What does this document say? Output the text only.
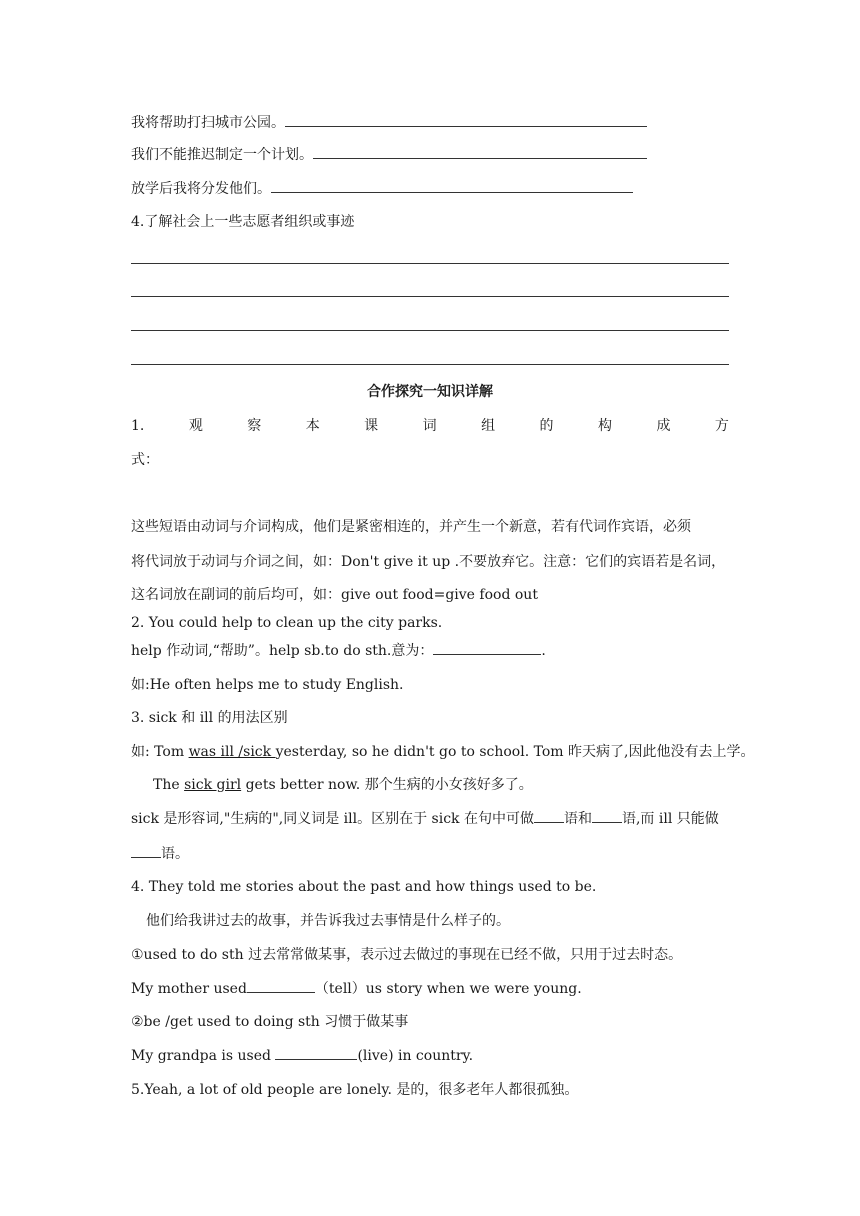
我将帮助打扫城市公园。
我们不能推迟制定一个计划。
放学后我将分发他们。
4.了解社会上一些志愿者组织或事迹
合作探究一知识详解
1.	观	察	本	课	词	组	的	构	成	方
式：
这些短语由动词与介词构成，他们是紧密相连的，并产生一个新意，若有代词作宾语，必须
将代词放于动词与介词之间，如：Don't give it up .不要放弃它。注意：它们的宾语若是名词，
这名词放在副词的前后均可，如：give out food=give food out
2. You could help to clean up the city parks.
help 作动词,“帮助”。help sb.to do sth.意为：	.
如:He often helps me to study English.
3. sick 和 ill 的用法区别
如: Tom was ill /sick yesterday, so he didn't go to school. Tom 昨天病了,因此他没有去上学。
The sick girl gets better now. 那个生病的小女孩好多了。
sick 是形容词,"生病的",同义词是 ill。区别在于 sick 在句中可做 语和 语,而 ill 只能做
语。
4. They told me stories about the past and how things used to be.
他们给我讲过去的故事，并告诉我过去事情是什么样子的。
①used to do sth 过去常常做某事，表示过去做过的事现在已经不做，只用于过去时态。
My mother used	（tell）us story when we were young.
②be /get used to doing sth 习惯于做某事
My grandpa is used	(live) in country.
5.Yeah, a lot of old people are lonely. 是的，很多老年人都很孤独。
